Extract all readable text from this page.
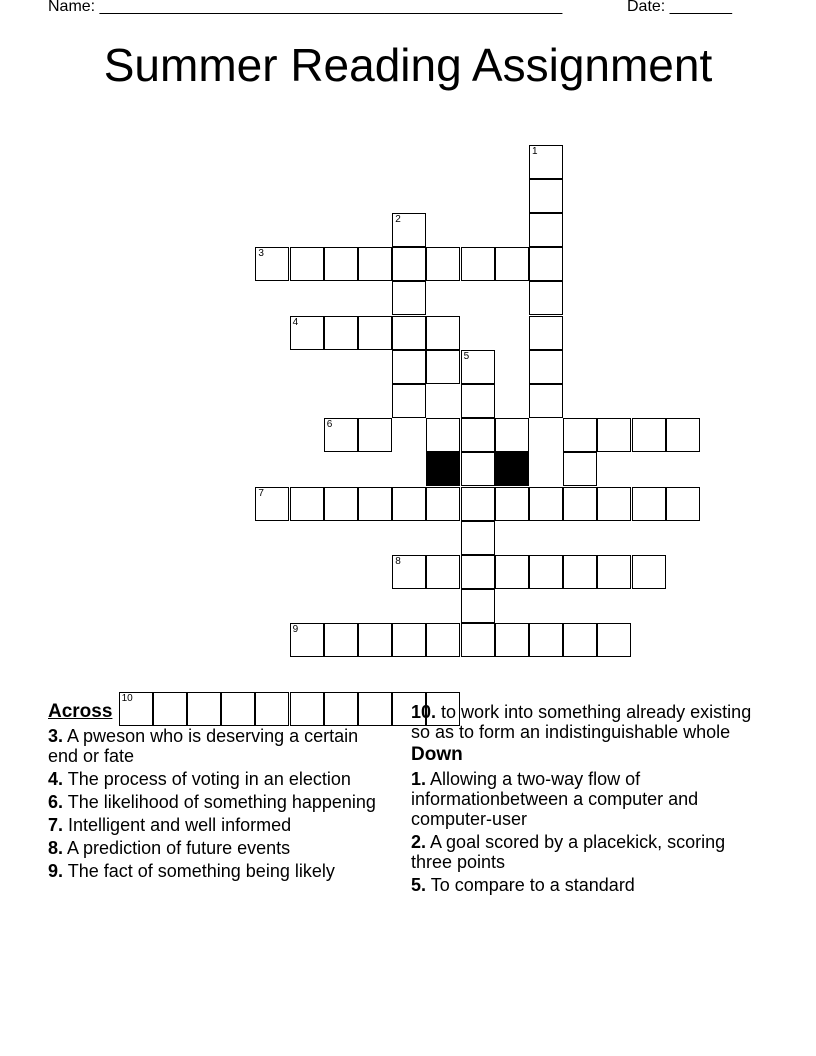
Name: ____________________________________________________	Date: _______
Summer Reading Assignment
1
2
3
4
5
6
7
8
9
10
Across
3. A pweson who is deserving a certain end or fate
4. The process of voting in an election
6. The likelihood of something happening
7. Intelligent and well informed
8. A prediction of future events
9. The fact of something being likely
10. to work into something already existing so as to form an indistinguishable whole
Down
1. Allowing a two-way flow of informationbetween a computer and computer-user
2. A goal scored by a placekick, scoring three points
5. To compare to a standard
